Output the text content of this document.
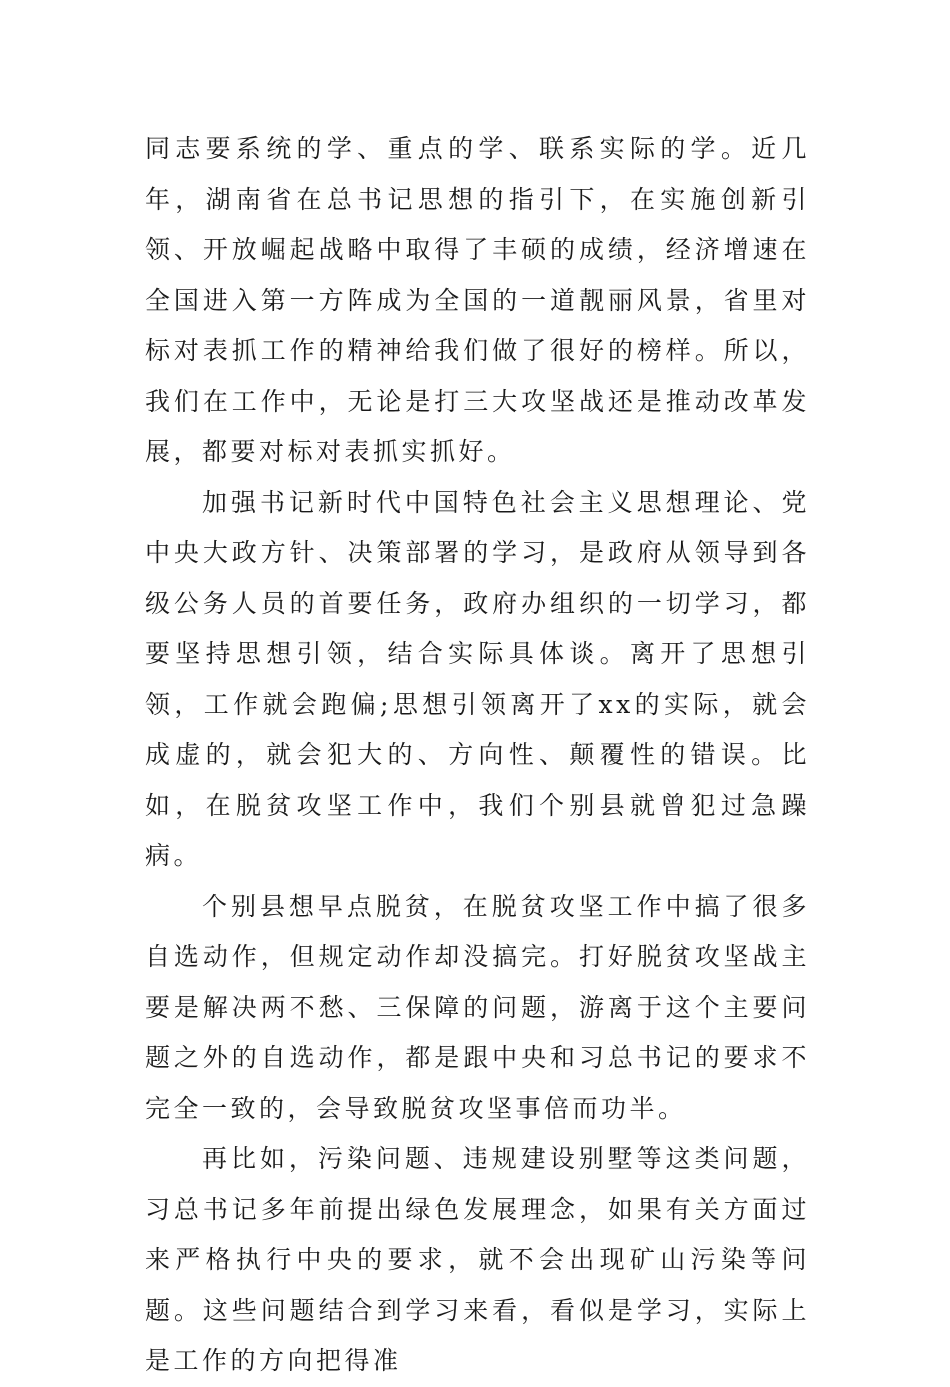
同志要系统的学、重点的学、联系实际的学。近几年，湖南省在总书记思想的指引下，在实施创新引领、开放崛起战略中取得了丰硕的成绩，经济增速在全国进入第一方阵成为全国的一道靓丽风景，省里对标对表抓工作的精神给我们做了很好的榜样。所以，我们在工作中，无论是打三大攻坚战还是推动改革发展，都要对标对表抓实抓好。

加强书记新时代中国特色社会主义思想理论、党中央大政方针、决策部署的学习，是政府从领导到各级公务人员的首要任务，政府办组织的一切学习，都要坚持思想引领，结合实际具体谈。离开了思想引领，工作就会跑偏;思想引领离开了xx的实际，就会成虚的，就会犯大的、方向性、颠覆性的错误。比如，在脱贫攻坚工作中，我们个别县就曾犯过急躁病。

个别县想早点脱贫，在脱贫攻坚工作中搞了很多自选动作，但规定动作却没搞完。打好脱贫攻坚战主要是解决两不愁、三保障的问题，游离于这个主要问题之外的自选动作，都是跟中央和习总书记的要求不完全一致的，会导致脱贫攻坚事倍而功半。

再比如，污染问题、违规建设别墅等这类问题，习总书记多年前提出绿色发展理念，如果有关方面过来严格执行中央的要求，就不会出现矿山污染等问题。这些问题结合到学习来看，看似是学习，实际上是工作的方向把得准
